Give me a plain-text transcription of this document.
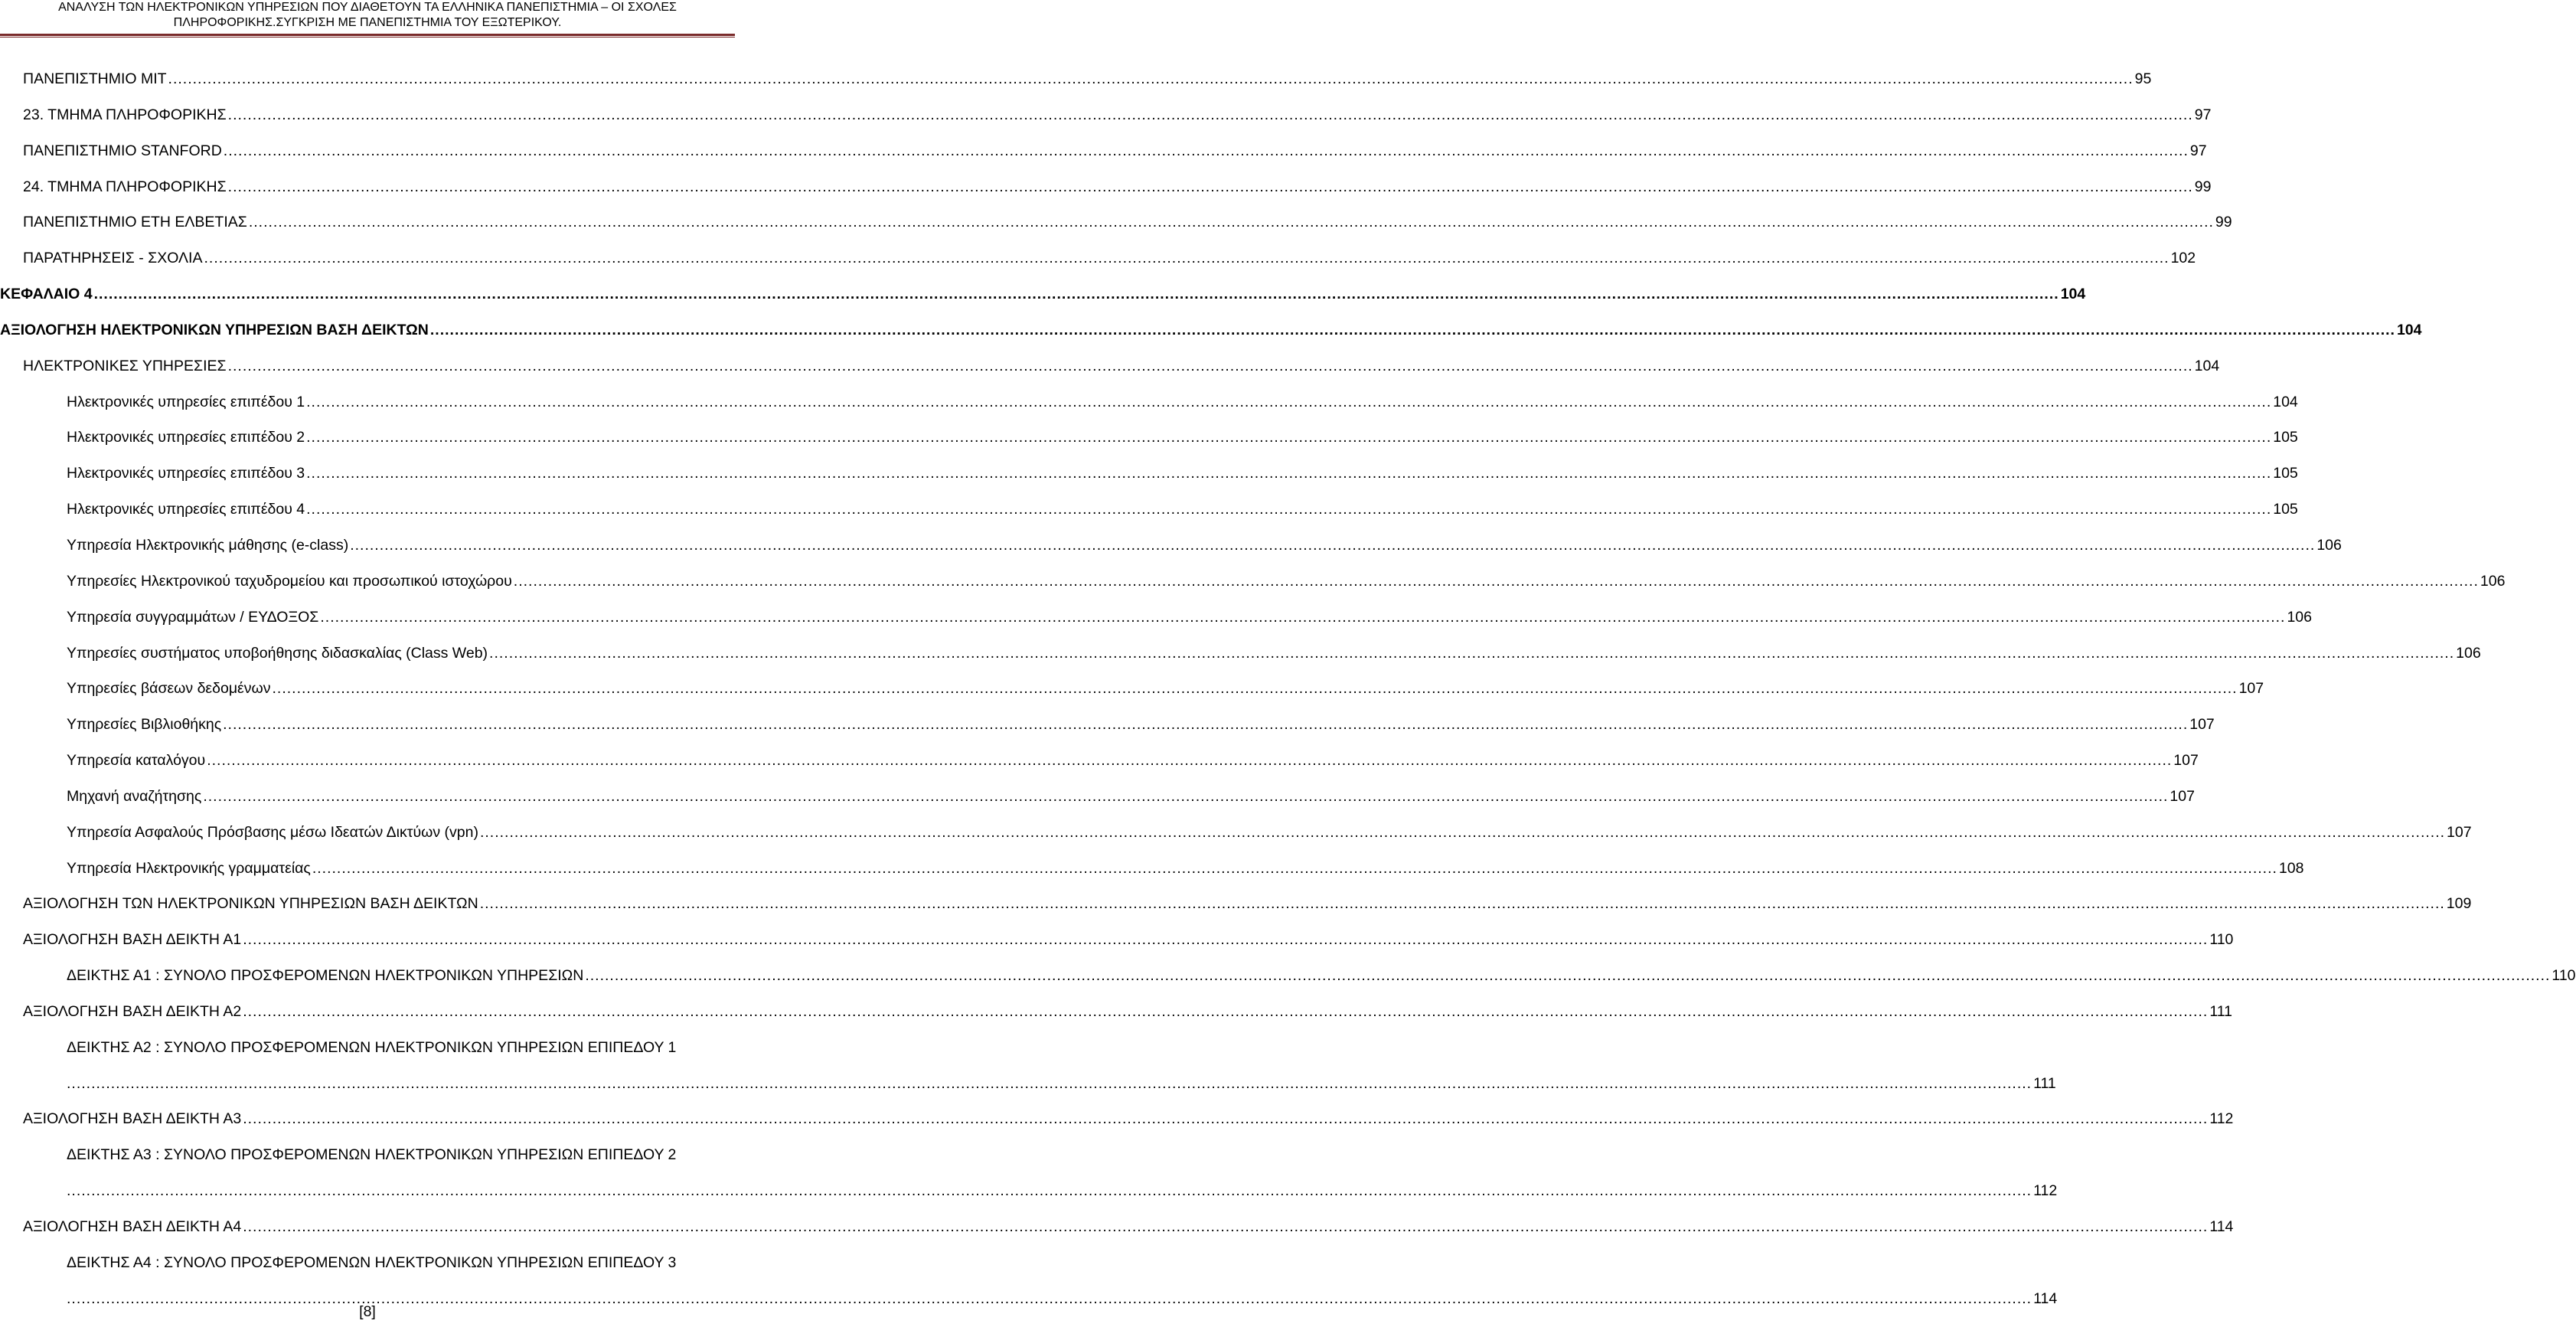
ΑΝΑΛΥΣΗ ΤΩΝ ΗΛΕΚΤΡΟΝΙΚΩΝ ΥΠΗΡΕΣΙΩΝ ΠΟΥ ΔΙΑΘΕΤΟΥΝ ΤΑ ΕΛΛΗΝΙΚΑ ΠΑΝΕΠΙΣΤΗΜΙΑ – ΟΙ ΣΧΟΛΕΣ
ΠΛΗΡΟΦΟΡΙΚΗΣ.ΣΥΓΚΡΙΣΗ ΜΕ ΠΑΝΕΠΙΣΤΗΜΙΑ ΤΟΥ ΕΞΩΤΕΡΙΚΟΥ.
ΠΑΝΕΠΙΣΤΗΜΙΟ MIT ................................................................................................................................................................................................................................................................................................................................................................................................................ 95
23. ΤΜΗΜΑ ΠΛΗΡΟΦΟΡΙΚΗΣ ................................................................................................................................................................................................................................................................................................................................................................................................................ 97
ΠΑΝΕΠΙΣΤΗΜΙΟ STANFORD ................................................................................................................................................................................................................................................................................................................................................................................................................ 97
24. ΤΜΗΜΑ ΠΛΗΡΟΦΟΡΙΚΗΣ ................................................................................................................................................................................................................................................................................................................................................................................................................ 99
ΠΑΝΕΠΙΣΤΗΜΙΟ ΕΤΗ ΕΛΒΕΤΙΑΣ ................................................................................................................................................................................................................................................................................................................................................................................................................ 99
ΠΑΡΑΤΗΡΗΣΕΙΣ - ΣΧΟΛΙΑ ................................................................................................................................................................................................................................................................................................................................................................................................................ 102
ΚΕΦΑΛΑΙΟ 4 ................................................................................................................................................................................................................................................................................................................................................................................................................ 104
ΑΞΙΟΛΟΓΗΣΗ ΗΛΕΚΤΡΟΝΙΚΩΝ ΥΠΗΡΕΣΙΩΝ ΒΑΣΗ ΔΕΙΚΤΩΝ ................................................................................................................................................................................................................................................................................................................................................................................................................ 104
ΗΛΕΚΤΡΟΝΙΚΕΣ ΥΠΗΡΕΣΙΕΣ ................................................................................................................................................................................................................................................................................................................................................................................................................ 104
Ηλεκτρονικές υπηρεσίες επιπέδου 1 ................................................................................................................................................................................................................................................................................................................................................................................................................ 104
Ηλεκτρονικές υπηρεσίες επιπέδου 2 ................................................................................................................................................................................................................................................................................................................................................................................................................ 105
Ηλεκτρονικές υπηρεσίες επιπέδου 3 ................................................................................................................................................................................................................................................................................................................................................................................................................ 105
Ηλεκτρονικές υπηρεσίες επιπέδου 4 ................................................................................................................................................................................................................................................................................................................................................................................................................ 105
Υπηρεσία Ηλεκτρονικής μάθησης (e-class) ................................................................................................................................................................................................................................................................................................................................................................................................................ 106
Υπηρεσίες Ηλεκτρονικού ταχυδρομείου και προσωπικού ιστοχώρου ................................................................................................................................................................................................................................................................................................................................................................................................................ 106
Υπηρεσία συγγραμμάτων / ΕΥΔΟΞΟΣ ................................................................................................................................................................................................................................................................................................................................................................................................................ 106
Υπηρεσίες συστήματος υποβοήθησης διδασκαλίας (Class Web) ................................................................................................................................................................................................................................................................................................................................................................................................................ 106
Υπηρεσίες βάσεων δεδομένων ................................................................................................................................................................................................................................................................................................................................................................................................................ 107
Υπηρεσίες Βιβλιοθήκης ................................................................................................................................................................................................................................................................................................................................................................................................................ 107
Υπηρεσία καταλόγου ................................................................................................................................................................................................................................................................................................................................................................................................................ 107
Μηχανή αναζήτησης ................................................................................................................................................................................................................................................................................................................................................................................................................ 107
Υπηρεσία Ασφαλούς Πρόσβασης μέσω Ιδεατών Δικτύων (vpn) ................................................................................................................................................................................................................................................................................................................................................................................................................ 107
Υπηρεσία Ηλεκτρονικής γραμματείας ................................................................................................................................................................................................................................................................................................................................................................................................................ 108
ΑΞΙΟΛΟΓΗΣΗ ΤΩΝ ΗΛΕΚΤΡΟΝΙΚΩΝ ΥΠΗΡΕΣΙΩΝ ΒΑΣΗ ΔΕΙΚΤΩΝ ................................................................................................................................................................................................................................................................................................................................................................................................................ 109
ΑΞΙΟΛΟΓΗΣΗ ΒΑΣΗ ΔΕΙΚΤΗ Α1 ................................................................................................................................................................................................................................................................................................................................................................................................................ 110
ΔΕΙΚΤΗΣ Α1 : ΣΥΝΟΛΟ ΠΡΟΣΦΕΡΟΜΕΝΩΝ ΗΛΕΚΤΡΟΝΙΚΩΝ ΥΠΗΡΕΣΙΩΝ ................................................................................................................................................................................................................................................................................................................................................................................................................ 110
ΑΞΙΟΛΟΓΗΣΗ ΒΑΣΗ ΔΕΙΚΤΗ Α2 ................................................................................................................................................................................................................................................................................................................................................................................................................ 111
ΔΕΙΚΤΗΣ Α2 : ΣΥΝΟΛΟ ΠΡΟΣΦΕΡΟΜΕΝΩΝ ΗΛΕΚΤΡΟΝΙΚΩΝ ΥΠΗΡΕΣΙΩΝ ΕΠΙΠΕΔΟΥ 1
................................................................................................................................................................................................................................................................................................................................................................................................................ 111
ΑΞΙΟΛΟΓΗΣΗ ΒΑΣΗ ΔΕΙΚΤΗ Α3 ................................................................................................................................................................................................................................................................................................................................................................................................................ 112
ΔΕΙΚΤΗΣ Α3 : ΣΥΝΟΛΟ ΠΡΟΣΦΕΡΟΜΕΝΩΝ ΗΛΕΚΤΡΟΝΙΚΩΝ ΥΠΗΡΕΣΙΩΝ ΕΠΙΠΕΔΟΥ 2
................................................................................................................................................................................................................................................................................................................................................................................................................ 112
ΑΞΙΟΛΟΓΗΣΗ ΒΑΣΗ ΔΕΙΚΤΗ Α4 ................................................................................................................................................................................................................................................................................................................................................................................................................ 114
ΔΕΙΚΤΗΣ Α4 : ΣΥΝΟΛΟ ΠΡΟΣΦΕΡΟΜΕΝΩΝ ΗΛΕΚΤΡΟΝΙΚΩΝ ΥΠΗΡΕΣΙΩΝ ΕΠΙΠΕΔΟΥ 3
................................................................................................................................................................................................................................................................................................................................................................................................................ 114
[8]
